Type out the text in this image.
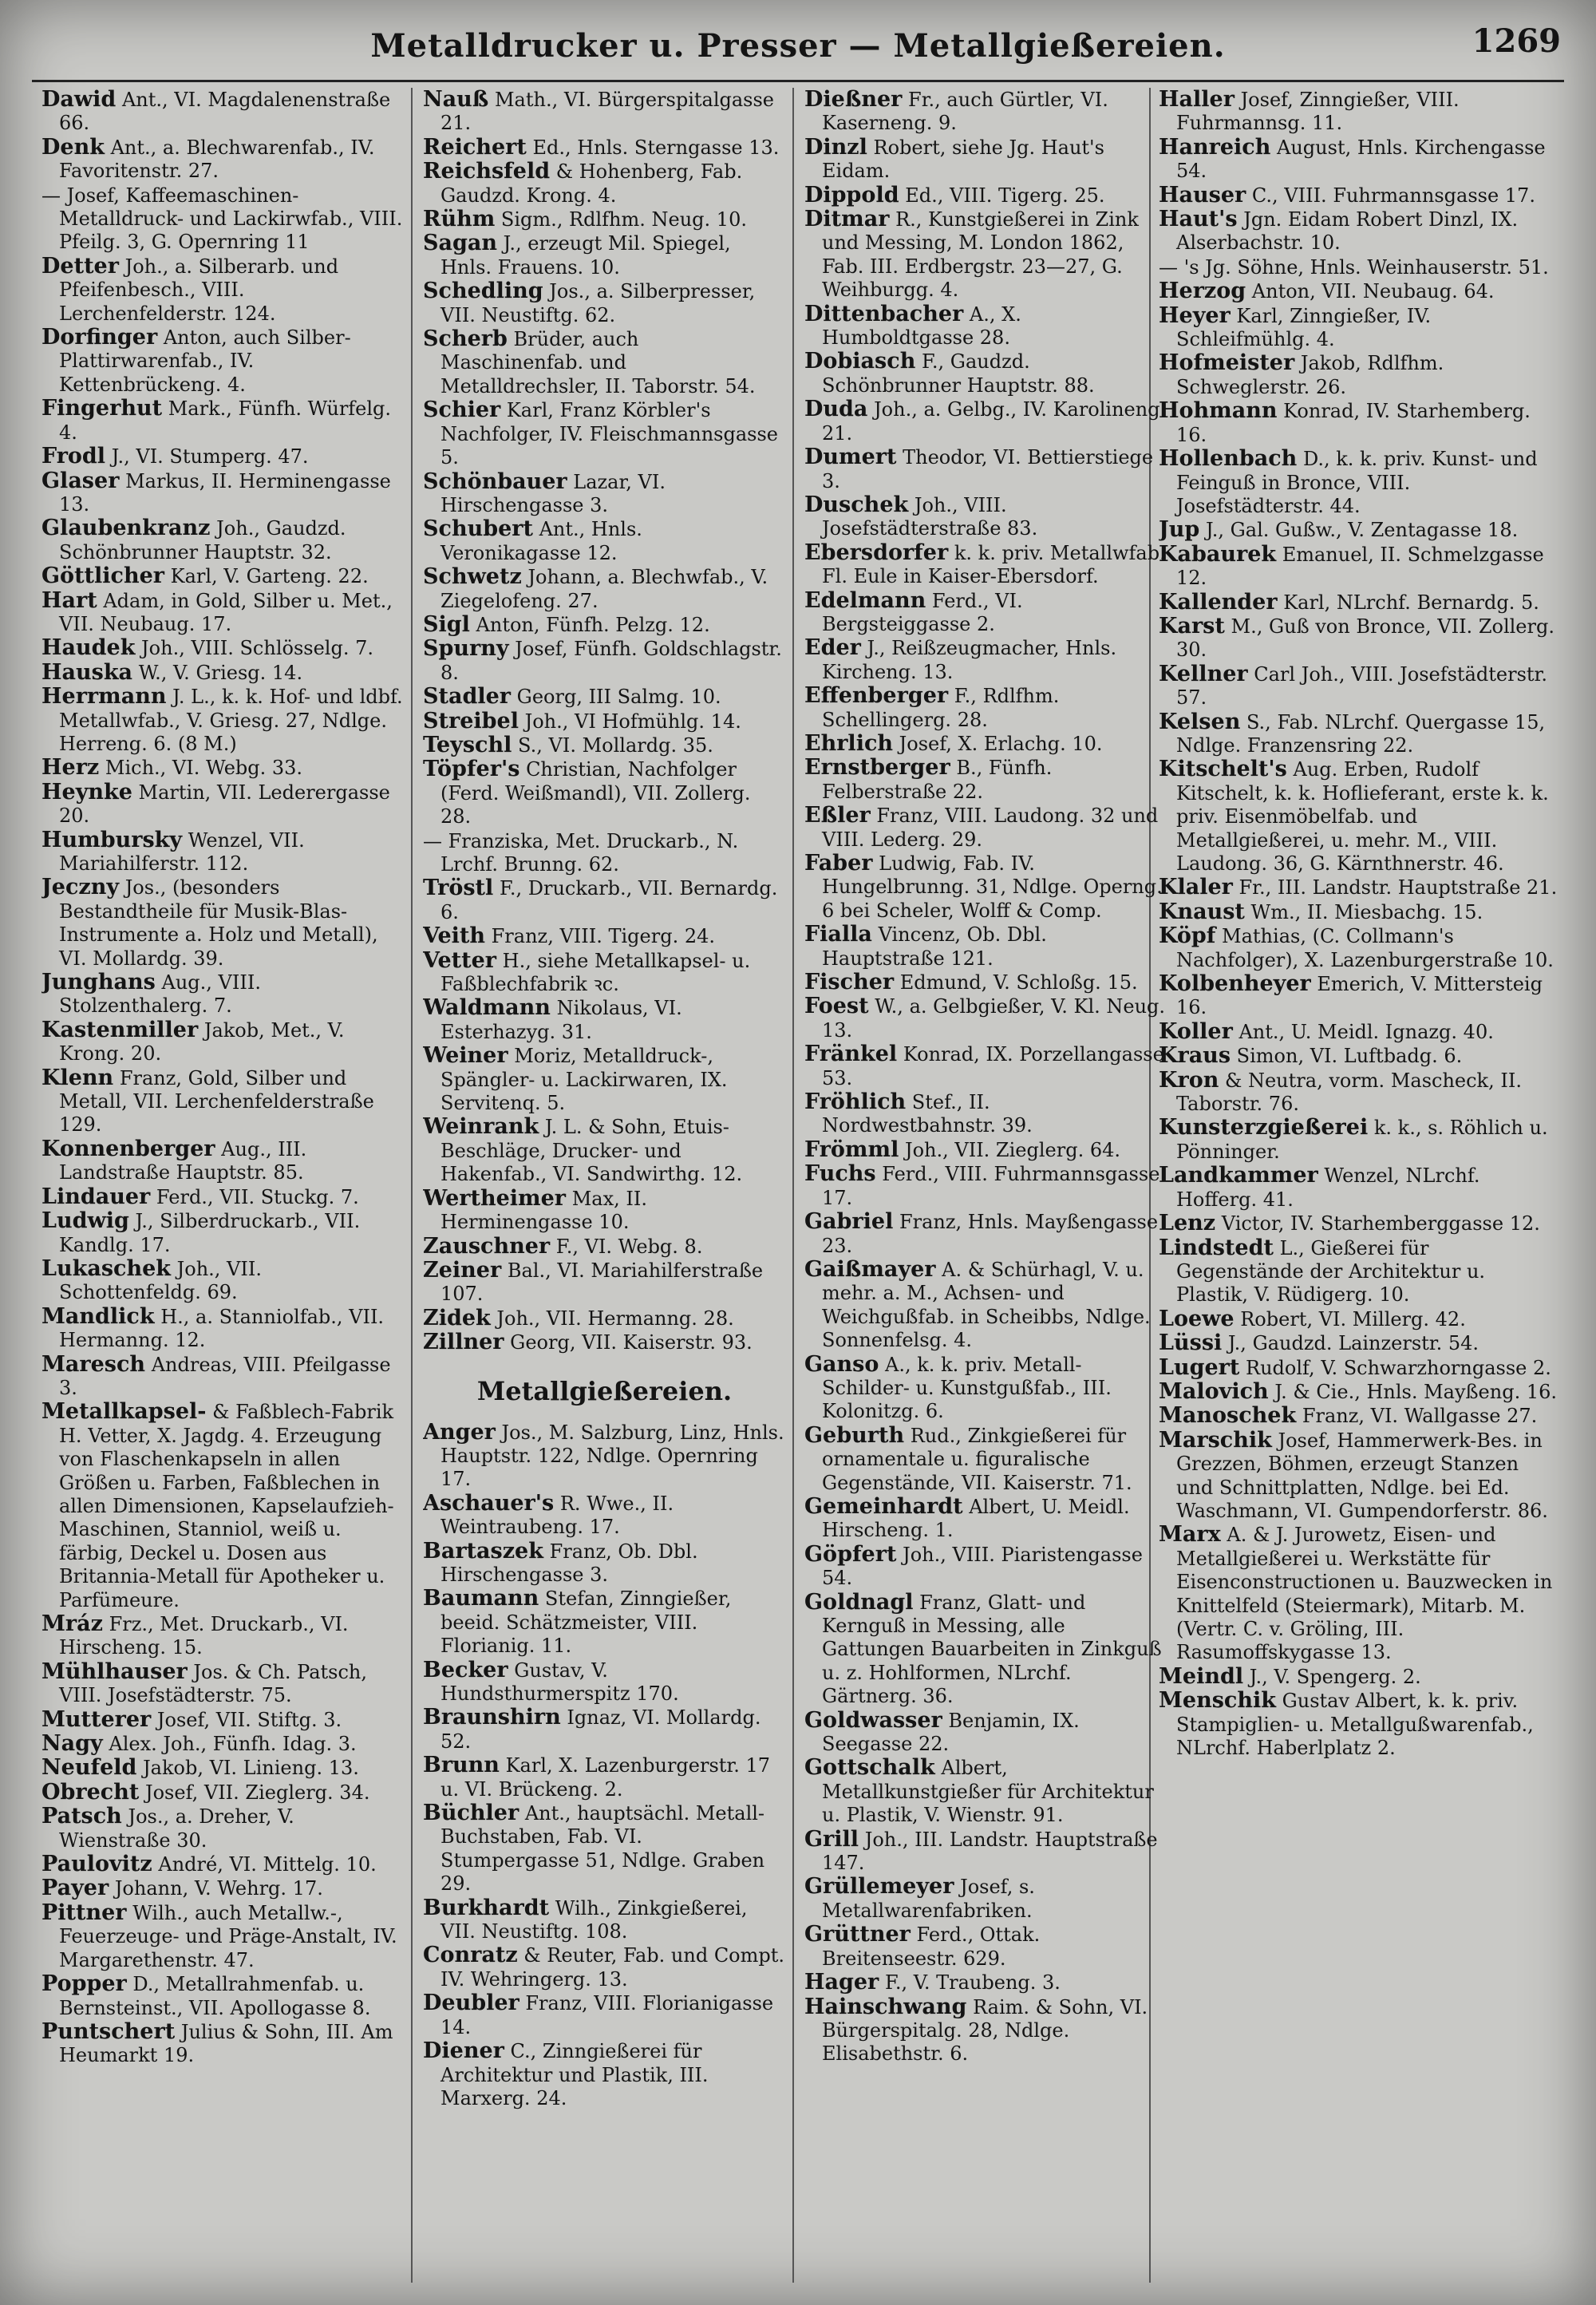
Metalldrucker u. Presser — Metallgießereien.	1269
Dawid Ant., VI. Magdalenenstraße 66.
Denk Ant., a. Blechwarenfab., IV. Favoritenstr. 27.
— Josef, Kaffeemaschinen-Metalldruck- und Lackirwfab., VIII. Pfeilg. 3, G. Opernring 11
Detter Joh., a. Silberarb. und Pfeifenbesch., VIII. Lerchenfelderstr. 124.
Dorfinger Anton, auch Silber-Plattirwarenfab., IV. Kettenbrückeng. 4.
Fingerhut Mark., Fünfh. Würfelg. 4.
Frodl J., VI. Stumperg. 47.
Glaser Markus, II. Herminengasse 13.
Glaubenkranz Joh., Gaudzd. Schönbrunner Hauptstr. 32.
Göttlicher Karl, V. Garteng. 22.
Hart Adam, in Gold, Silber u. Met., VII. Neubaug. 17.
Haudek Joh., VIII. Schlösselg. 7.
Hauska W., V. Griesg. 14.
Herrmann J. L., k. k. Hof- und ldbf. Metallwfab., V. Griesg. 27, Ndlge. Herreng. 6. (8 M.)
Herz Mich., VI. Webg. 33.
Heynke Martin, VII. Lederergasse 20.
Humbursky Wenzel, VII. Mariahilferstr. 112.
Jeczny Jos., (besonders Bestandtheile für Musik-Blas-Instrumente a. Holz und Metall), VI. Mollardg. 39.
Junghans Aug., VIII. Stolzenthalerg. 7.
Kastenmiller Jakob, Met., V. Krong. 20.
Klenn Franz, Gold, Silber und Metall, VII. Lerchenfelderstraße 129.
Konnenberger Aug., III. Landstraße Hauptstr. 85.
Lindauer Ferd., VII. Stuckg. 7.
Ludwig J., Silberdruckarb., VII. Kandlg. 17.
Lukaschek Joh., VII. Schottenfeldg. 69.
Mandlick H., a. Stanniolfab., VII. Hermanng. 12.
Maresch Andreas, VIII. Pfeilgasse 3.
Metallkapsel- & Faßblech-Fabrik H. Vetter, X. Jagdg. 4. Erzeugung von Flaschenkapseln in allen Größen u. Farben, Faßblechen in allen Dimensionen, Kapselaufzieh-Maschinen, Stanniol, weiß u. färbig, Deckel u. Dosen aus Britannia-Metall für Apotheker u. Parfümeure.
Mráz Frz., Met. Druckarb., VI. Hirscheng. 15.
Mühlhauser Jos. & Ch. Patsch, VIII. Josefstädterstr. 75.
Mutterer Josef, VII. Stiftg. 3.
Nagy Alex. Joh., Fünfh. Idag. 3.
Neufeld Jakob, VI. Linieng. 13.
Obrecht Josef, VII. Zieglerg. 34.
Patsch Jos., a. Dreher, V. Wienstraße 30.
Paulovitz André, VI. Mittelg. 10.
Payer Johann, V. Wehrg. 17.
Pittner Wilh., auch Metallw.-, Feuerzeuge- und Präge-Anstalt, IV. Margarethenstr. 47.
Popper D., Metallrahmenfab. u. Bernsteinst., VII. Apollogasse 8.
Puntschert Julius & Sohn, III. Am Heumarkt 19.
Nauß Math., VI. Bürgerspitalgasse 21.
Reichert Ed., Hnls. Sterngasse 13.
Reichsfeld & Hohenberg, Fab. Gaudzd. Krong. 4.
Rühm Sigm., Rdlfhm. Neug. 10.
Sagan J., erzeugt Mil. Spiegel, Hnls. Frauens. 10.
Schedling Jos., a. Silberpresser, VII. Neustiftg. 62.
Scherb Brüder, auch Maschinenfab. und Metalldrechsler, II. Taborstr. 54.
Schier Karl, Franz Körbler's Nachfolger, IV. Fleischmannsgasse 5.
Schönbauer Lazar, VI. Hirschengasse 3.
Schubert Ant., Hnls. Veronikagasse 12.
Schwetz Johann, a. Blechwfab., V. Ziegelofeng. 27.
Sigl Anton, Fünfh. Pelzg. 12.
Spurny Josef, Fünfh. Goldschlagstr. 8.
Stadler Georg, III Salmg. 10.
Streibel Joh., VI Hofmühlg. 14.
Teyschl S., VI. Mollardg. 35.
Töpfer's Christian, Nachfolger (Ferd. Weißmandl), VII. Zollerg. 28.
— Franziska, Met. Druckarb., N. Lrchf. Brunng. 62.
Tröstl F., Druckarb., VII. Bernardg. 6.
Veith Franz, VIII. Tigerg. 24.
Vetter H., siehe Metallkapsel- u. Faßblechfabrik ꝛc.
Waldmann Nikolaus, VI. Esterhazyg. 31.
Weiner Moriz, Metalldruck-, Spängler- u. Lackirwaren, IX. Servitenq. 5.
Weinrank J. L. & Sohn, Etuis-Beschläge, Drucker- und Hakenfab., VI. Sandwirthg. 12.
Wertheimer Max, II. Herminengasse 10.
Zauschner F., VI. Webg. 8.
Zeiner Bal., VI. Mariahilferstraße 107.
Zidek Joh., VII. Hermanng. 28.
Zillner Georg, VII. Kaiserstr. 93.
Metallgießereien.
Anger Jos., M. Salzburg, Linz, Hnls. Hauptstr. 122, Ndlge. Opernring 17.
Aschauer's R. Wwe., II. Weintraubeng. 17.
Bartaszek Franz, Ob. Dbl. Hirschengasse 3.
Baumann Stefan, Zinngießer, beeid. Schätzmeister, VIII. Florianig. 11.
Becker Gustav, V. Hundsthurmerspitz 170.
Braunshirn Ignaz, VI. Mollardg. 52.
Brunn Karl, X. Lazenburgerstr. 17 u. VI. Brückeng. 2.
Büchler Ant., hauptsächl. Metall-Buchstaben, Fab. VI. Stumpergasse 51, Ndlge. Graben 29.
Burkhardt Wilh., Zinkgießerei, VII. Neustiftg. 108.
Conratz & Reuter, Fab. und Compt. IV. Wehringerg. 13.
Deubler Franz, VIII. Florianigasse 14.
Diener C., Zinngießerei für Architektur und Plastik, III. Marxerg. 24.
Dießner Fr., auch Gürtler, VI. Kaserneng. 9.
Dinzl Robert, siehe Jg. Haut's Eidam.
Dippold Ed., VIII. Tigerg. 25.
Ditmar R., Kunstgießerei in Zink und Messing, M. London 1862, Fab. III. Erdbergstr. 23—27, G. Weihburgg. 4.
Dittenbacher A., X. Humboldtgasse 28.
Dobiasch F., Gaudzd. Schönbrunner Hauptstr. 88.
Duda Joh., a. Gelbg., IV. Karolineng. 21.
Dumert Theodor, VI. Bettierstiege 3.
Duschek Joh., VIII. Josefstädterstraße 83.
Ebersdorfer k. k. priv. Metallwfab. Fl. Eule in Kaiser-Ebersdorf.
Edelmann Ferd., VI. Bergsteiggasse 2.
Eder J., Reißzeugmacher, Hnls. Kircheng. 13.
Effenberger F., Rdlfhm. Schellingerg. 28.
Ehrlich Josef, X. Erlachg. 10.
Ernstberger B., Fünfh. Felberstraße 22.
Eßler Franz, VIII. Laudong. 32 und VIII. Lederg. 29.
Faber Ludwig, Fab. IV. Hungelbrunng. 31, Ndlge. Operng. 6 bei Scheler, Wolff & Comp.
Fialla Vincenz, Ob. Dbl. Hauptstraße 121.
Fischer Edmund, V. Schloßg. 15.
Foest W., a. Gelbgießer, V. Kl. Neug. 13.
Fränkel Konrad, IX. Porzellangasse 53.
Fröhlich Stef., II. Nordwestbahnstr. 39.
Frömml Joh., VII. Zieglerg. 64.
Fuchs Ferd., VIII. Fuhrmannsgasse 17.
Gabriel Franz, Hnls. Mayßengasse 23.
Gaißmayer A. & Schürhagl, V. u. mehr. a. M., Achsen- und Weichgußfab. in Scheibbs, Ndlge. Sonnenfelsg. 4.
Ganso A., k. k. priv. Metall-Schilder- u. Kunstgußfab., III. Kolonitzg. 6.
Geburth Rud., Zinkgießerei für ornamentale u. figuralische Gegenstände, VII. Kaiserstr. 71.
Gemeinhardt Albert, U. Meidl. Hirscheng. 1.
Göpfert Joh., VIII. Piaristengasse 54.
Goldnagl Franz, Glatt- und Kernguß in Messing, alle Gattungen Bauarbeiten in Zinkguß u. z. Hohlformen, NLrchf. Gärtnerg. 36.
Goldwasser Benjamin, IX. Seegasse 22.
Gottschalk Albert, Metallkunstgießer für Architektur u. Plastik, V. Wienstr. 91.
Grill Joh., III. Landstr. Hauptstraße 147.
Grüllemeyer Josef, s. Metallwarenfabriken.
Grüttner Ferd., Ottak. Breitenseestr. 629.
Hager F., V. Traubeng. 3.
Hainschwang Raim. & Sohn, VI. Bürgerspitalg. 28, Ndlge. Elisabethstr. 6.
Haller Josef, Zinngießer, VIII. Fuhrmannsg. 11.
Hanreich August, Hnls. Kirchengasse 54.
Hauser C., VIII. Fuhrmannsgasse 17.
Haut's Jgn. Eidam Robert Dinzl, IX. Alserbachstr. 10.
— 's Jg. Söhne, Hnls. Weinhauserstr. 51.
Herzog Anton, VII. Neubaug. 64.
Heyer Karl, Zinngießer, IV. Schleifmühlg. 4.
Hofmeister Jakob, Rdlfhm. Schweglerstr. 26.
Hohmann Konrad, IV. Starhemberg. 16.
Hollenbach D., k. k. priv. Kunst- und Feinguß in Bronce, VIII. Josefstädterstr. 44.
Jup J., Gal. Gußw., V. Zentagasse 18.
Kabaurek Emanuel, II. Schmelzgasse 12.
Kallender Karl, NLrchf. Bernardg. 5.
Karst M., Guß von Bronce, VII. Zollerg. 30.
Kellner Carl Joh., VIII. Josefstädterstr. 57.
Kelsen S., Fab. NLrchf. Quergasse 15, Ndlge. Franzensring 22.
Kitschelt's Aug. Erben, Rudolf Kitschelt, k. k. Hoflieferant, erste k. k. priv. Eisenmöbelfab. und Metallgießerei, u. mehr. M., VIII. Laudong. 36, G. Kärnthnerstr. 46.
Klaler Fr., III. Landstr. Hauptstraße 21.
Knaust Wm., II. Miesbachg. 15.
Köpf Mathias, (C. Collmann's Nachfolger), X. Lazenburgerstraße 10.
Kolbenheyer Emerich, V. Mittersteig 16.
Koller Ant., U. Meidl. Ignazg. 40.
Kraus Simon, VI. Luftbadg. 6.
Kron & Neutra, vorm. Mascheck, II. Taborstr. 76.
Kunsterzgießerei k. k., s. Röhlich u. Pönninger.
Landkammer Wenzel, NLrchf. Hofferg. 41.
Lenz Victor, IV. Starhemberggasse 12.
Lindstedt L., Gießerei für Gegenstände der Architektur u. Plastik, V. Rüdigerg. 10.
Loewe Robert, VI. Millerg. 42.
Lüssi J., Gaudzd. Lainzerstr. 54.
Lugert Rudolf, V. Schwarzhorngasse 2.
Malovich J. & Cie., Hnls. Mayßeng. 16.
Manoschek Franz, VI. Wallgasse 27.
Marschik Josef, Hammerwerk-Bes. in Grezzen, Böhmen, erzeugt Stanzen und Schnittplatten, Ndlge. bei Ed. Waschmann, VI. Gumpendorferstr. 86.
Marx A. & J. Jurowetz, Eisen- und Metallgießerei u. Werkstätte für Eisenconstructionen u. Bauzwecken in Knittelfeld (Steiermark), Mitarb. M. (Vertr. C. v. Gröling, III. Rasumoffskygasse 13.
Meindl J., V. Spengerg. 2.
Menschik Gustav Albert, k. k. priv. Stampiglien- u. Metallgußwarenfab., NLrchf. Haberlplatz 2.
